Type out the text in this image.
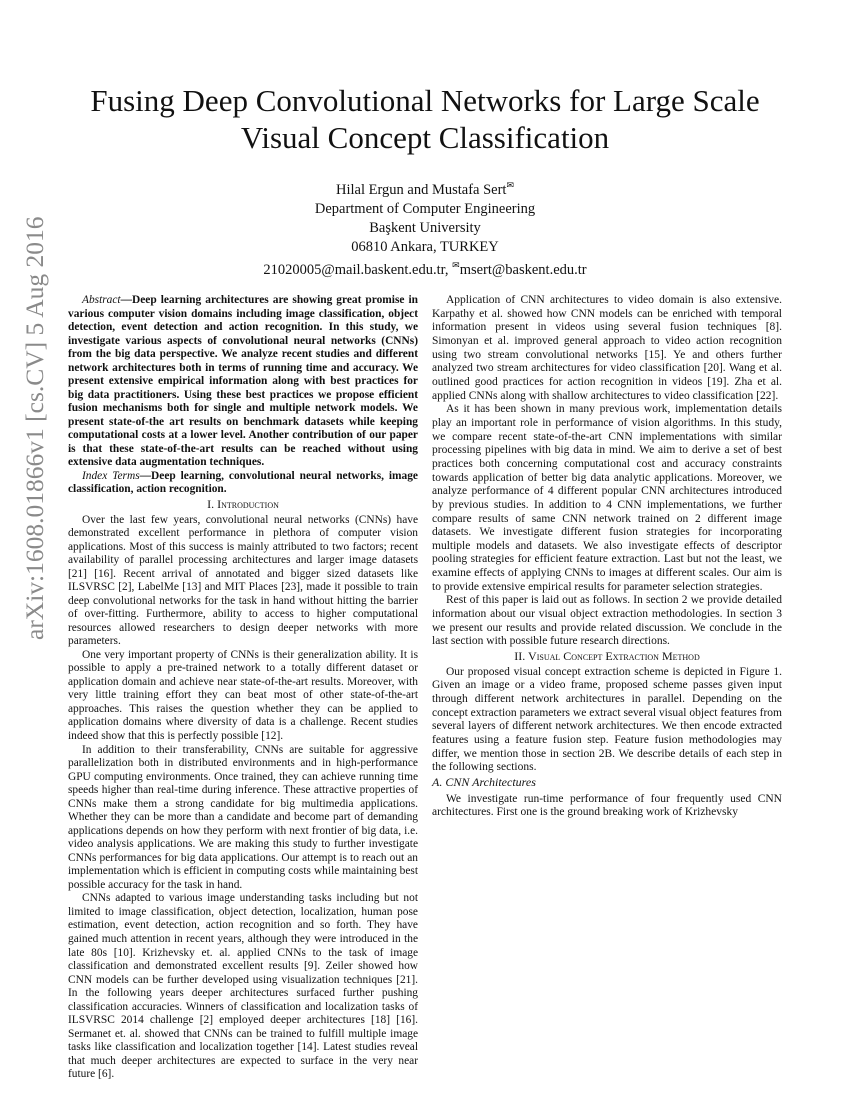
arXiv:1608.01866v1 [cs.CV] 5 Aug 2016
Fusing Deep Convolutional Networks for Large Scale Visual Concept Classification
Hilal Ergun and Mustafa Sert✉
Department of Computer Engineering
Başkent University
06810 Ankara, TURKEY
21020005@mail.baskent.edu.tr, ✉msert@baskent.edu.tr

Abstract—Deep learning architectures are showing great promise in various computer vision domains including image classification, object detection, event detection and action recognition. In this study, we investigate various aspects of convolutional neural networks (CNNs) from the big data perspective. We analyze recent studies and different network architectures both in terms of running time and accuracy. We present extensive empirical information along with best practices for big data practitioners. Using these best practices we propose efficient fusion mechanisms both for single and multiple network models. We present state-of-the art results on benchmark datasets while keeping computational costs at a lower level. Another contribution of our paper is that these state-of-the-art results can be reached without using extensive data augmentation techniques.

Index Terms—Deep learning, convolutional neural networks, image classification, action recognition.

I. Introduction

Over the last few years, convolutional neural networks (CNNs) have demonstrated excellent performance in plethora of computer vision applications. Most of this success is mainly attributed to two factors; recent availability of parallel processing architectures and larger image datasets [21] [16]. Recent arrival of annotated and bigger sized datasets like ILSVRSC [2], LabelMe [13] and MIT Places [23], made it possible to train deep convolutional networks for the task in hand without hitting the barrier of over-fitting. Furthermore, ability to access to higher computational resources allowed researchers to design deeper networks with more parameters.

One very important property of CNNs is their generalization ability. It is possible to apply a pre-trained network to a totally different dataset or application domain and achieve near state-of-the-art results. Moreover, with very little training effort they can beat most of other state-of-the-art approaches. This raises the question whether they can be applied to application domains where diversity of data is a challenge. Recent studies indeed show that this is perfectly possible [12].

In addition to their transferability, CNNs are suitable for aggressive parallelization both in distributed environments and in high-performance GPU computing environments. Once trained, they can achieve running time speeds higher than real-time during inference. These attractive properties of CNNs make them a strong candidate for big multimedia applications. Whether they can be more than a candidate and become part of demanding applications depends on how they perform with next frontier of big data, i.e. video analysis applications. We are making this study to further investigate CNNs performances for big data applications. Our attempt is to reach out an implementation which is efficient in computing costs while maintaining best possible accuracy for the task in hand.

CNNs adapted to various image understanding tasks including but not limited to image classification, object detection, localization, human pose estimation, event detection, action recognition and so forth. They have gained much attention in recent years, although they were introduced in the late 80s [10]. Krizhevsky et. al. applied CNNs to the task of image classification and demonstrated excellent results [9]. Zeiler showed how CNN models can be further developed using visualization techniques [21]. In the following years deeper architectures surfaced further pushing classification accuracies. Winners of classification and localization tasks of ILSVRSC 2014 challenge [2] employed deeper architectures [18] [16]. Sermanet et. al. showed that CNNs can be trained to fulfill multiple image tasks like classification and localization together [14]. Latest studies reveal that much deeper architectures are expected to surface in the very near future [6].

Application of CNN architectures to video domain is also extensive. Karpathy et al. showed how CNN models can be enriched with temporal information present in videos using several fusion techniques [8]. Simonyan et al. improved general approach to video action recognition using two stream convolutional networks [15]. Ye and others further analyzed two stream architectures for video classification [20]. Wang et al. outlined good practices for action recognition in videos [19]. Zha et al. applied CNNs along with shallow architectures to video classification [22].

As it has been shown in many previous work, implementation details play an important role in performance of vision algorithms. In this study, we compare recent state-of-the-art CNN implementations with similar processing pipelines with big data in mind. We aim to derive a set of best practices both concerning computational cost and accuracy constraints towards application of better big data analytic applications. Moreover, we analyze performance of 4 different popular CNN architectures introduced by previous studies. In addition to 4 CNN implementations, we further compare results of same CNN network trained on 2 different image datasets. We investigate different fusion strategies for incorporating multiple models and datasets. We also investigate effects of descriptor pooling strategies for efficient feature extraction. Last but not the least, we examine effects of applying CNNs to images at different scales. Our aim is to provide extensive empirical results for parameter selection strategies.

Rest of this paper is laid out as follows. In section 2 we provide detailed information about our visual object extraction methodologies. In section 3 we present our results and provide related discussion. We conclude in the last section with possible future research directions.

II. Visual Concept Extraction Method

Our proposed visual concept extraction scheme is depicted in Figure 1. Given an image or a video frame, proposed scheme passes given input through different network architectures in parallel. Depending on the concept extraction parameters we extract several visual object features from several layers of different network architectures. We then encode extracted features using a feature fusion step. Feature fusion methodologies may differ, we mention those in section 2B. We describe details of each step in the following sections.

A. CNN Architectures

We investigate run-time performance of four frequently used CNN architectures. First one is the ground breaking work of Krizhevsky
